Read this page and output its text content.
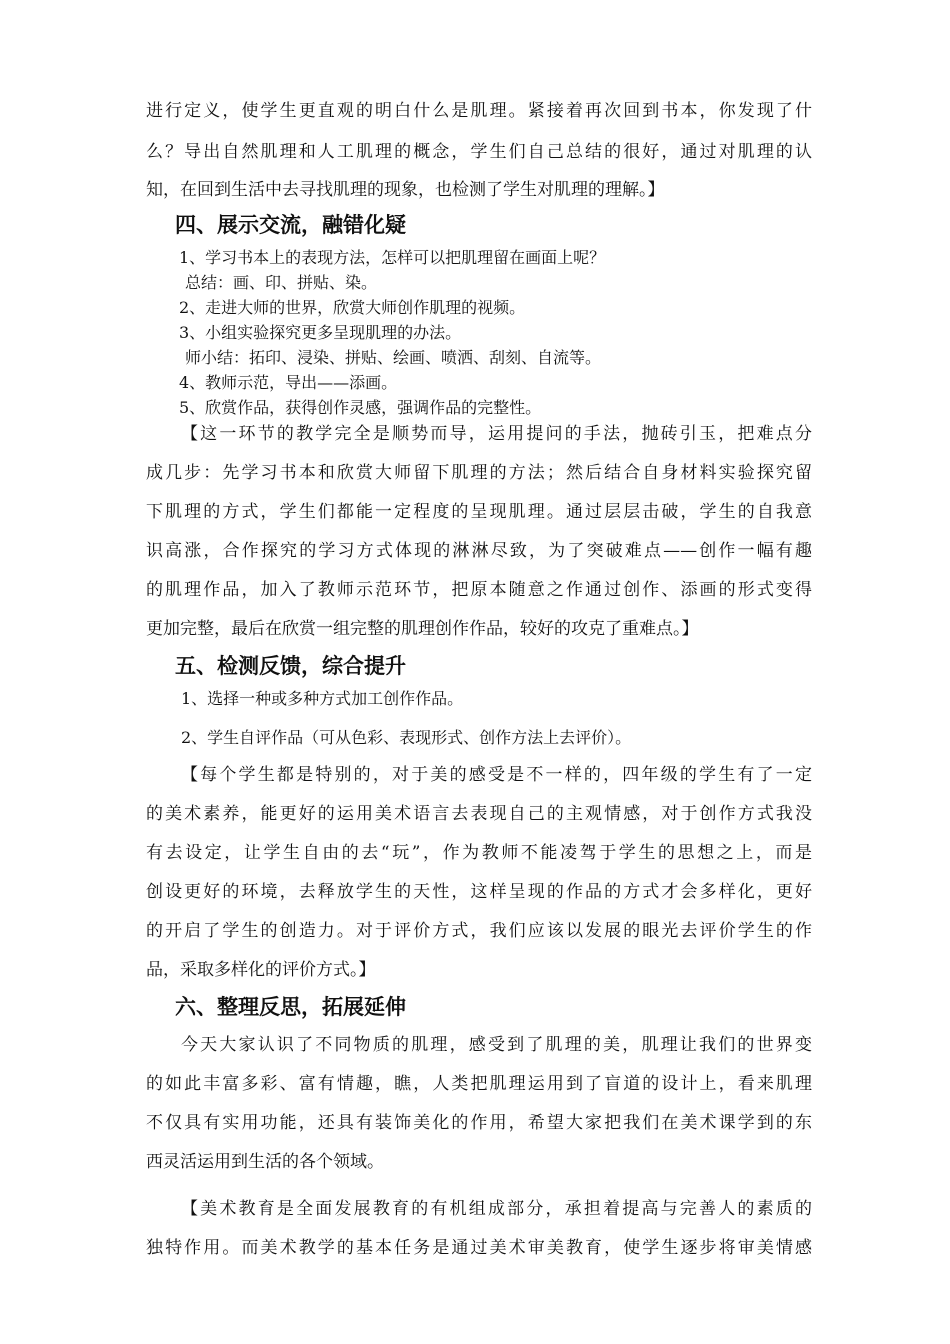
进行定义，使学生更直观的明白什么是肌理。紧接着再次回到书本，你发现了什
么？导出自然肌理和人工肌理的概念，学生们自己总结的很好，通过对肌理的认
知，在回到生活中去寻找肌理的现象，也检测了学生对肌理的理解。】
四、展示交流，融错化疑
1、学习书本上的表现方法，怎样可以把肌理留在画面上呢？
总结：画、印、拼贴、染。
2、走进大师的世界，欣赏大师创作肌理的视频。
3、小组实验探究更多呈现肌理的办法。
师小结：拓印、浸染、拼贴、绘画、喷洒、刮刻、自流等。
4、教师示范，导出——添画。
5、欣赏作品，获得创作灵感，强调作品的完整性。
【这一环节的教学完全是顺势而导，运用提问的手法，抛砖引玉，把难点分
成几步：先学习书本和欣赏大师留下肌理的方法；然后结合自身材料实验探究留
下肌理的方式，学生们都能一定程度的呈现肌理。通过层层击破，学生的自我意
识高涨，合作探究的学习方式体现的淋淋尽致，为了突破难点——创作一幅有趣
的肌理作品，加入了教师示范环节，把原本随意之作通过创作、添画的形式变得
更加完整，最后在欣赏一组完整的肌理创作作品，较好的攻克了重难点。】
五、检测反馈，综合提升
1、选择一种或多种方式加工创作作品。
2、学生自评作品（可从色彩、表现形式、创作方法上去评价）。
【每个学生都是特别的，对于美的感受是不一样的，四年级的学生有了一定
的美术素养，能更好的运用美术语言去表现自己的主观情感，对于创作方式我没
有去设定，让学生自由的去“玩”，作为教师不能凌驾于学生的思想之上，而是
创设更好的环境，去释放学生的天性，这样呈现的作品的方式才会多样化，更好
的开启了学生的创造力。对于评价方式，我们应该以发展的眼光去评价学生的作
品，采取多样化的评价方式。】
六、整理反思，拓展延伸
今天大家认识了不同物质的肌理，感受到了肌理的美，肌理让我们的世界变
的如此丰富多彩、富有情趣，瞧，人类把肌理运用到了盲道的设计上，看来肌理
不仅具有实用功能，还具有装饰美化的作用，希望大家把我们在美术课学到的东
西灵活运用到生活的各个领域。
【美术教育是全面发展教育的有机组成部分，承担着提高与完善人的素质的
独特作用。而美术教学的基本任务是通过美术审美教育，使学生逐步将审美情感
